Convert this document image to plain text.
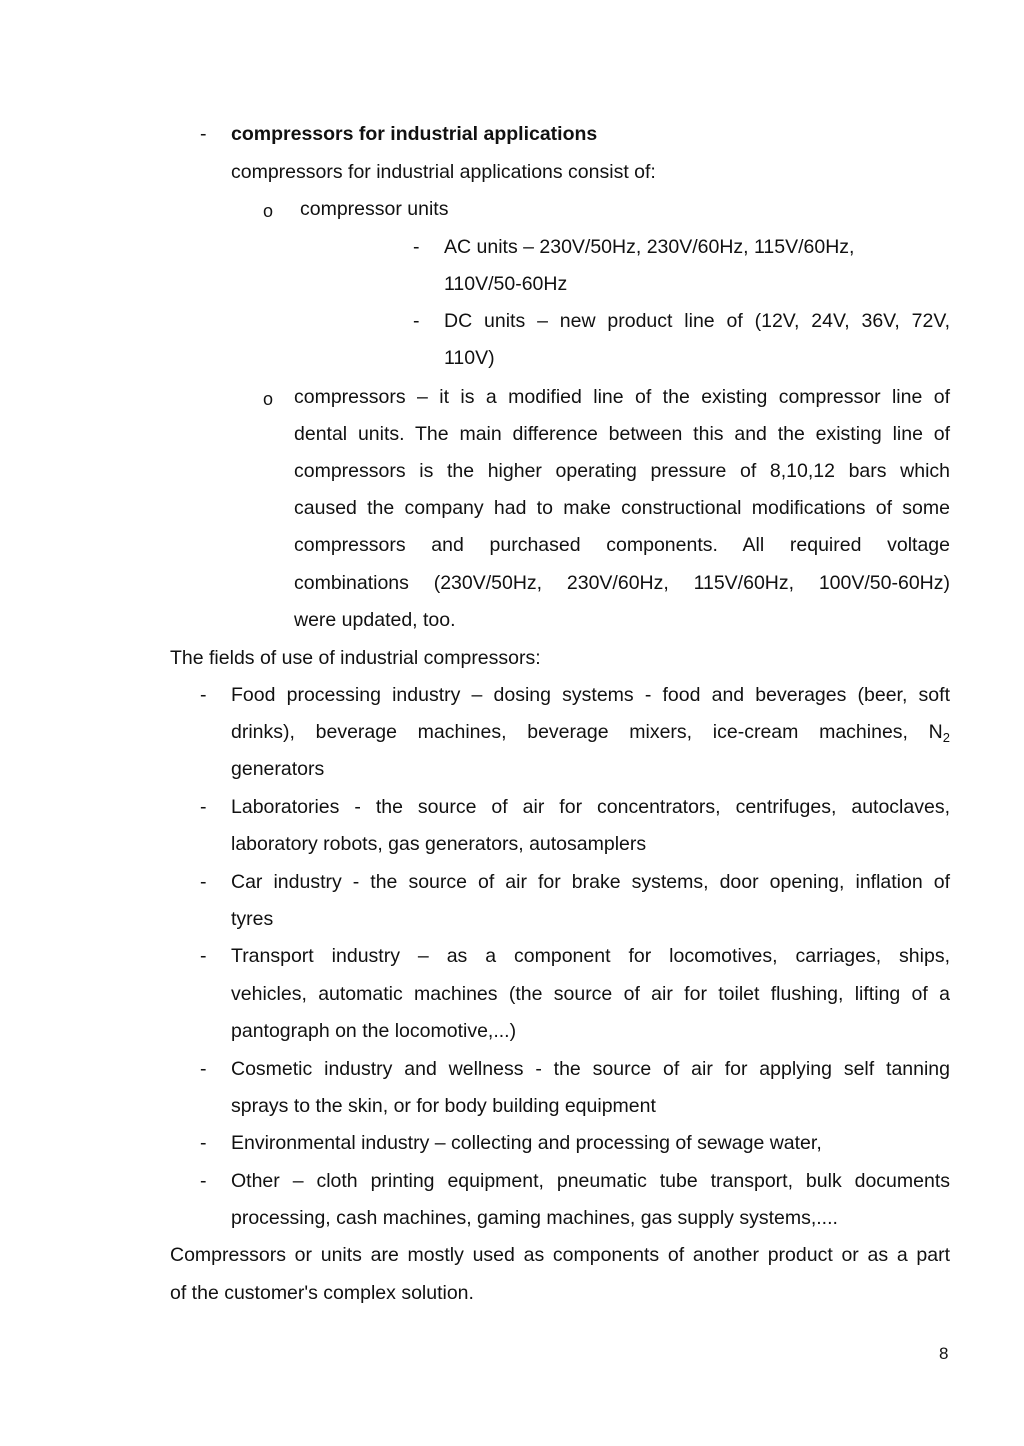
- compressors for industrial applications
compressors for industrial applications consist of:
o compressor units
- AC units – 230V/50Hz, 230V/60Hz, 115V/60Hz,
110V/50-60Hz
- DC units – new product line of (12V, 24V, 36V, 72V,
110V)
o compressors – it is a modified line of the existing compressor line of
dental units. The main difference between this and the existing line of
compressors is the higher operating pressure of 8,10,12 bars which
caused the company had to make constructional modifications of some
compressors and purchased components. All required voltage
combinations (230V/50Hz, 230V/60Hz, 115V/60Hz, 100V/50-60Hz)
were updated, too.
The fields of use of industrial compressors:
- Food processing industry – dosing systems - food and beverages (beer, soft
drinks), beverage machines, beverage mixers, ice-cream machines, $N_2$
generators
- Laboratories - the source of air for concentrators, centrifuges, autoclaves,
laboratory robots, gas generators, autosamplers
- Car industry - the source of air for brake systems, door opening, inflation of
tyres
- Transport industry – as a component for locomotives, carriages, ships,
vehicles, automatic machines (the source of air for toilet flushing, lifting of a
pantograph on the locomotive,...)
- Cosmetic industry and wellness - the source of air for applying self tanning
sprays to the skin, or for body building equipment
- Environmental industry – collecting and processing of sewage water,
- Other – cloth printing equipment, pneumatic tube transport, bulk documents
processing, cash machines, gaming machines, gas supply systems,....
Compressors or units are mostly used as components of another product or as a part
of the customer's complex solution.
8
